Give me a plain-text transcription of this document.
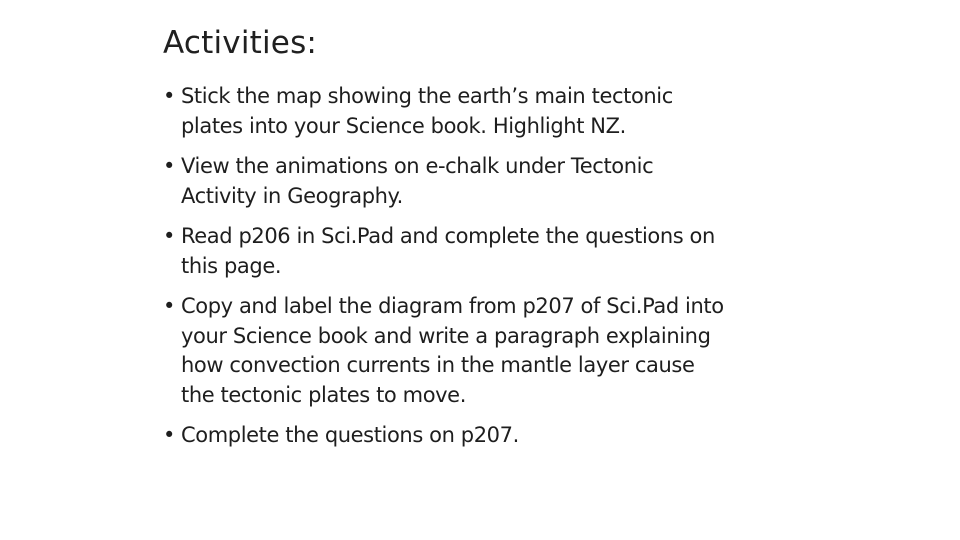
Activities:
• Stick the map showing the earth’s main tectonic
plates into your Science book. Highlight NZ.
• View the animations on e-chalk under Tectonic
Activity in Geography.
• Read p206 in Sci.Pad and complete the questions on
this page.
• Copy and label the diagram from p207 of Sci.Pad into
your Science book and write a paragraph explaining
how convection currents in the mantle layer cause
the tectonic plates to move.
• Complete the questions on p207.
